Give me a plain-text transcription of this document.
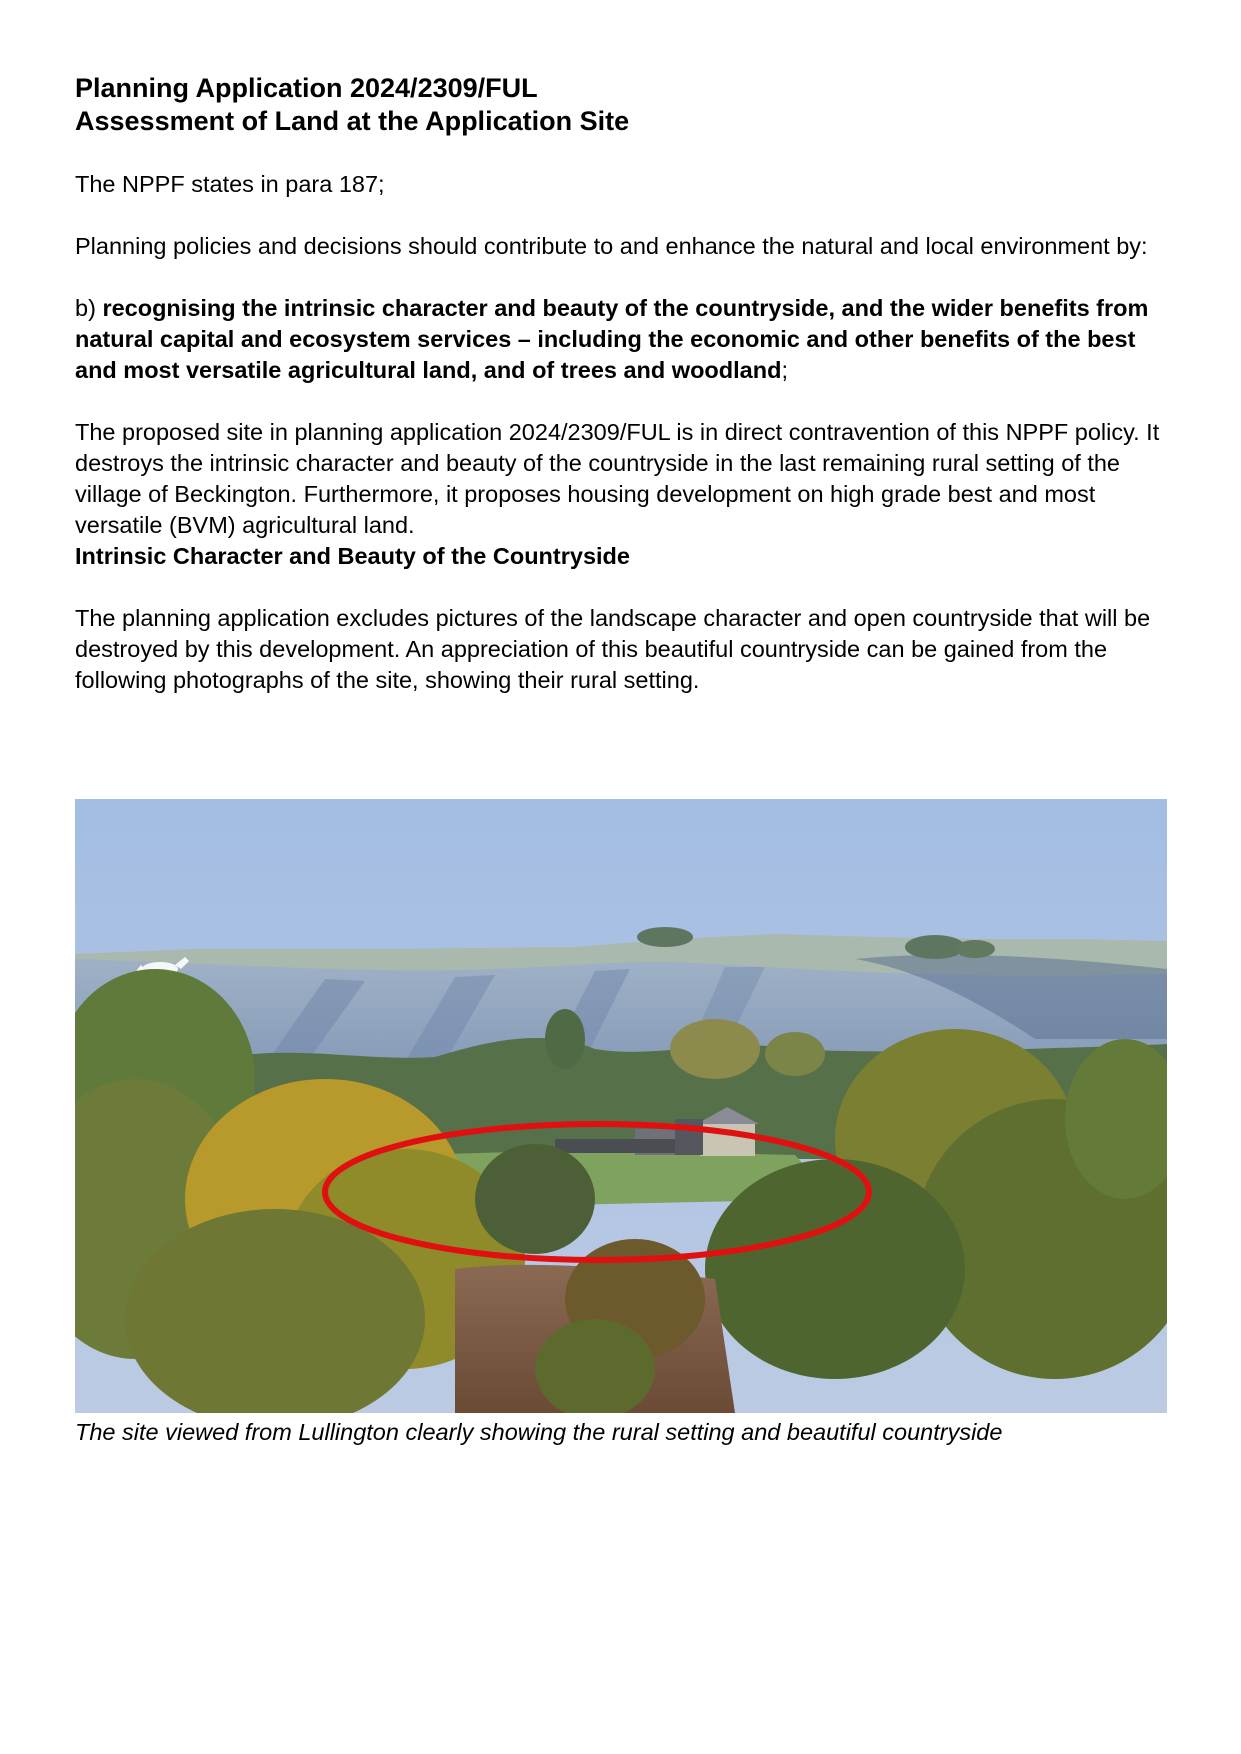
Planning Application 2024/2309/FUL
Assessment of Land at the Application Site

The NPPF states in para 187;

Planning policies and decisions should contribute to and enhance the natural and local environment by:

b) recognising the intrinsic character and beauty of the countryside, and the wider benefits from natural capital and ecosystem services – including the economic and other benefits of the best and most versatile agricultural land, and of trees and woodland;

The proposed site in planning application 2024/2309/FUL is in direct contravention of this NPPF policy. It destroys the intrinsic character and beauty of the countryside in the last remaining rural setting of the village of Beckington. Furthermore, it proposes housing development on high grade best and most versatile (BVM) agricultural land.

Intrinsic Character and Beauty of the Countryside

The planning application excludes pictures of the landscape character and open countryside that will be destroyed by this development. An appreciation of this beautiful countryside can be gained from the following photographs of the site, showing their rural setting.

The site viewed from Lullington clearly showing the rural setting and beautiful countryside
